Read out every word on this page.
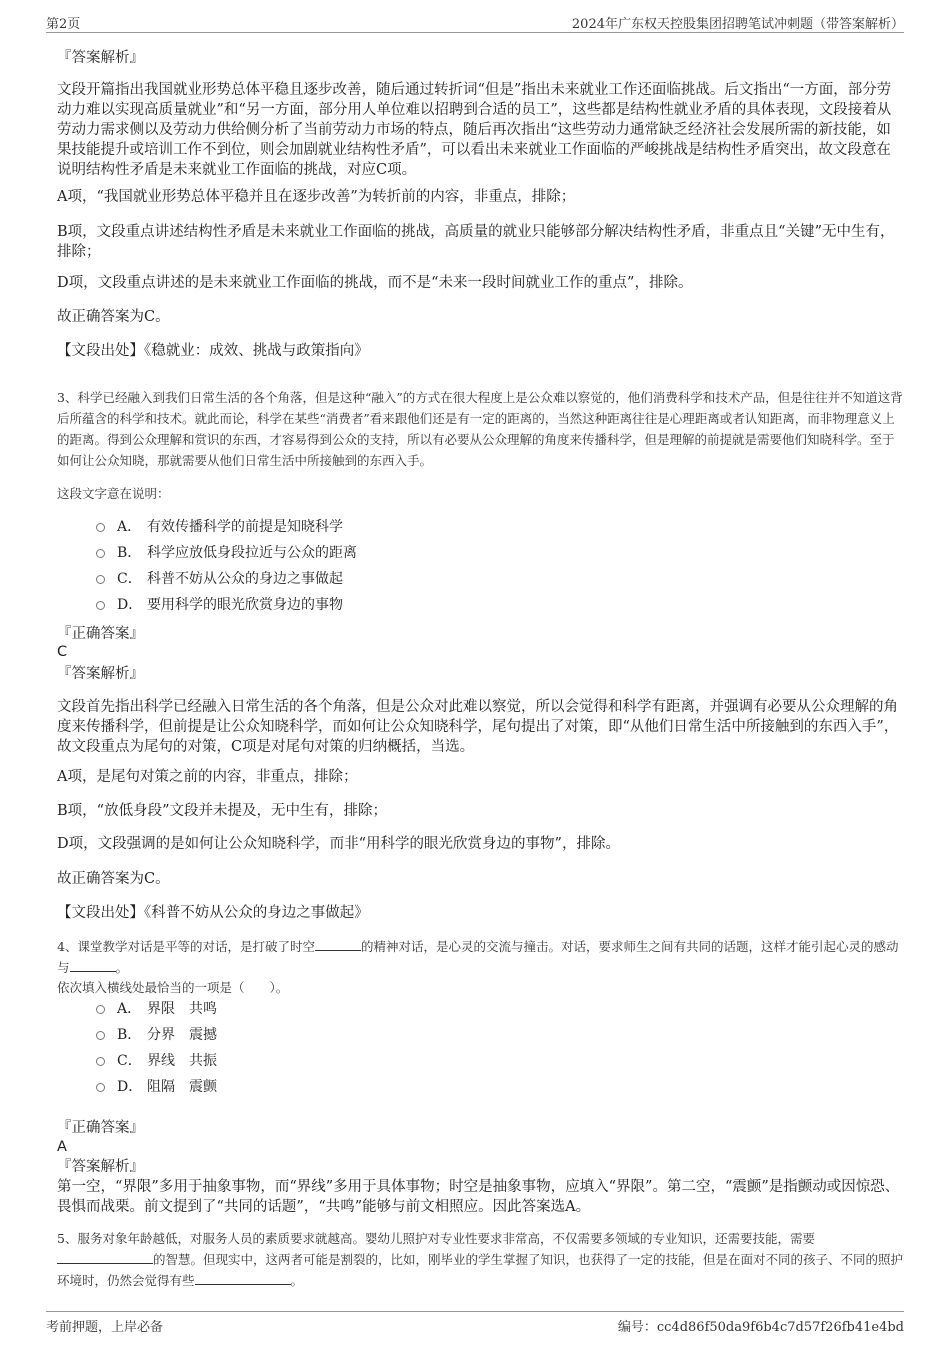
第2页	2024年广东权天控股集团招聘笔试冲刺题（带答案解析）
『答案解析』

文段开篇指出我国就业形势总体平稳且逐步改善，随后通过转折词“但是”指出未来就业工作还面临挑战。后文指出“一方面，部分劳动力难以实现高质量就业”和“另一方面，部分用人单位难以招聘到合适的员工”，这些都是结构性就业矛盾的具体表现，文段接着从劳动力需求侧以及劳动力供给侧分析了当前劳动力市场的特点，随后再次指出“这些劳动力通常缺乏经济社会发展所需的新技能，如果技能提升或培训工作不到位，则会加剧就业结构性矛盾”，可以看出未来就业工作面临的严峻挑战是结构性矛盾突出，故文段意在说明结构性矛盾是未来就业工作面临的挑战，对应C项。

A项，“我国就业形势总体平稳并且在逐步改善”为转折前的内容，非重点，排除；

B项，文段重点讲述结构性矛盾是未来就业工作面临的挑战，高质量的就业只能够部分解决结构性矛盾，非重点且“关键”无中生有，排除；

D项，文段重点讲述的是未来就业工作面临的挑战，而不是“未来一段时间就业工作的重点”，排除。

故正确答案为C。

【文段出处】《稳就业：成效、挑战与政策指向》

3、科学已经融入到我们日常生活的各个角落，但是这种“融入”的方式在很大程度上是公众难以察觉的，他们消费科学和技术产品，但是往往并不知道这背后所蕴含的科学和技术。就此而论，科学在某些“消费者”看来跟他们还是有一定的距离的，当然这种距离往往是心理距离或者认知距离，而非物理意义上的距离。得到公众理解和赏识的东西，才容易得到公众的支持，所以有必要从公众理解的角度来传播科学，但是理解的前提就是需要他们知晓科学。至于如何让公众知晓，那就需要从他们日常生活中所接触到的东西入手。

这段文字意在说明：

A． 有效传播科学的前提是知晓科学
B． 科学应放低身段拉近与公众的距离
C． 科普不妨从公众的身边之事做起
D． 要用科学的眼光欣赏身边的事物
『正确答案』
C
『答案解析』

文段首先指出科学已经融入日常生活的各个角落，但是公众对此难以察觉，所以会觉得和科学有距离，并强调有必要从公众理解的角度来传播科学，但前提是让公众知晓科学，而如何让公众知晓科学，尾句提出了对策，即“从他们日常生活中所接触到的东西入手”，故文段重点为尾句的对策，C项是对尾句对策的归纳概括，当选。

A项，是尾句对策之前的内容，非重点，排除；

B项，“放低身段”文段并未提及，无中生有，排除；

D项，文段强调的是如何让公众知晓科学，而非“用科学的眼光欣赏身边的事物”，排除。

故正确答案为C。

【文段出处】《科普不妨从公众的身边之事做起》

4、课堂教学对话是平等的对话，是打破了时空	的精神对话，是心灵的交流与撞击。对话，要求师生之间有共同的话题，这样才能引起心灵的感动与	。

依次填入横线处最恰当的一项是（　　）。

A． 界限 共鸣
B． 分界 震撼
C． 界线 共振
D． 阻隔 震颤
『正确答案』
A
『答案解析』

第一空，“界限”多用于抽象事物，而“界线”多用于具体事物；时空是抽象事物，应填入“界限”。第二空，“震颤”是指颤动或因惊恐、畏惧而战栗。前文提到了“共同的话题”，“共鸣”能够与前文相照应。因此答案选A。

5、服务对象年龄越低，对服务人员的素质要求就越高。婴幼儿照护对专业性要求非常高，不仅需要多领域的专业知识，还需要技能，需要的智慧。但现实中，这两者可能是割裂的，比如，刚毕业的学生掌握了知识，也获得了一定的技能，但是在面对不同的孩子、不同的照护环境时，仍然会觉得有些	。

考前押题，上岸必备	编号：cc4d86f50da9f6b4c7d57f26fb41e4bd
